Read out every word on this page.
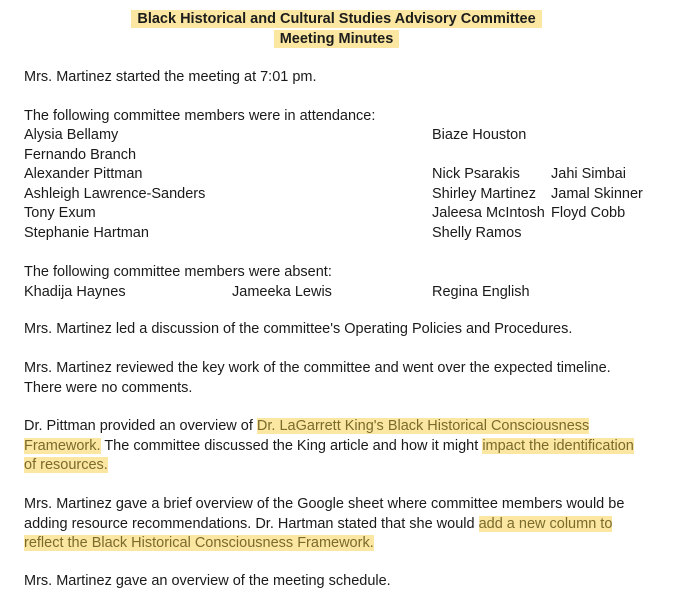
Black Historical and Cultural Studies Advisory Committee
Meeting Minutes
Mrs. Martinez started the meeting at 7:01 pm.
The following committee members were in attendance:
Alysia Bellamy
Fernando Branch
Alexander Pittman
Ashleigh Lawrence-Sanders
Tony Exum
Stephanie Hartman
Biaze Houston
Nick Psarakis
Shirley Martinez
Jaleesa McIntosh
Shelly Ramos
Jahi Simbai
Jamal Skinner
Floyd Cobb
The following committee members were absent:
Khadija Haynes	Jameeka Lewis	Regina English
Mrs. Martinez led a discussion of the committee's Operating Policies and Procedures.
Mrs. Martinez reviewed the key work of the committee and went over the expected timeline. There were no comments.
Dr. Pittman provided an overview of Dr. LaGarrett King's Black Historical Consciousness Framework. The committee discussed the King article and how it might impact the identification of resources.
Mrs. Martinez gave a brief overview of the Google sheet where committee members would be adding resource recommendations. Dr. Hartman stated that she would add a new column to reflect the Black Historical Consciousness Framework.
Mrs. Martinez gave an overview of the meeting schedule.
